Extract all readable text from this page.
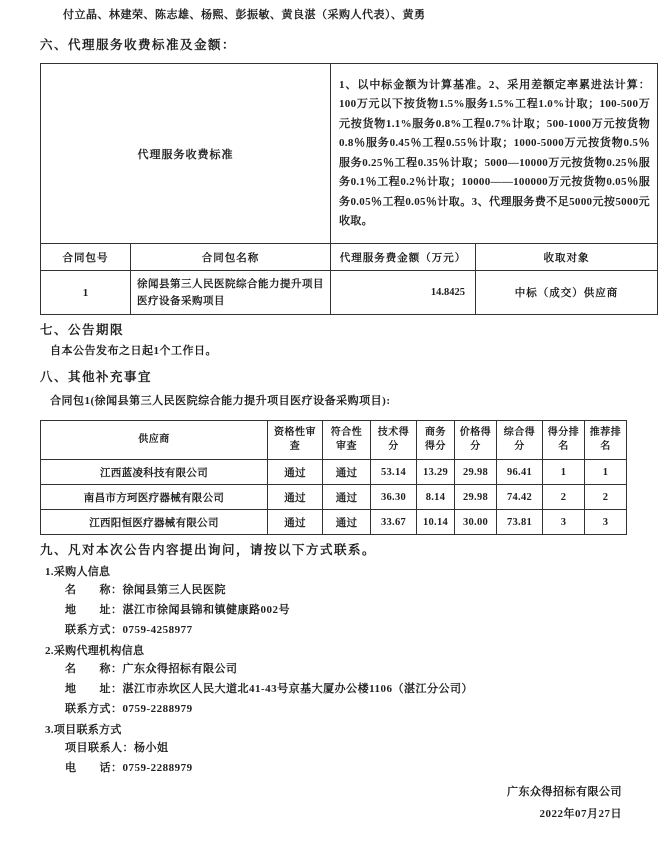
付立晶、林建荣、陈志雄、杨熙、彭振敏、黄良湛（采购人代表）、黄勇
六、代理服务收费标准及金额：
代理服务收费标准		1、以中标金额为计算基准。2、采用差额定率累进法计算：100万元以下按货物1.5%服务1.5%工程1.0%计取；100-500万元按货物1.1%服务0.8%工程0.7%计取；500-1000万元按货物0.8％服务0.45％工程0.55％计取；1000-5000万元按货物0.5％服务0.25％工程0.35％计取；5000—10000万元按货物0.25％服务0.1％工程0.2％计取；10000——100000万元按货物0.05％服务0.05％工程0.05％计取。3、代理服务费不足5000元按5000元收取。	
合同包号	合同包名称	代理服务费金额（万元）	收取对象
1	徐闻县第三人民医院综合能力提升项目医疗设备采购项目	14.8425	中标（成交）供应商
七、公告期限
自本公告发布之日起1个工作日。
八、其他补充事宜
合同包1(徐闻县第三人民医院综合能力提升项目医疗设备采购项目):
供应商	资格性审查	符合性审查	技术得分	商务得分	价格得分	综合得分	得分排名	推荐排名
江西蓝凌科技有限公司	通过	通过	53.14	13.29	29.98	96.41	1	1
南昌市方珂医疗器械有限公司	通过	通过	36.30	8.14	29.98	74.42	2	2
江西阳恒医疗器械有限公司	通过	通过	33.67	10.14	30.00	73.81	3	3
九、凡对本次公告内容提出询问，请按以下方式联系。
1.采购人信息
名　　称：徐闻县第三人民医院
地　　址：湛江市徐闻县锦和镇健康路002号
联系方式：0759-4258977
2.采购代理机构信息
名　　称：广东众得招标有限公司
地　　址：湛江市赤坎区人民大道北41-43号京基大厦办公楼1106（湛江分公司）
联系方式：0759-2288979
3.项目联系方式
项目联系人：杨小姐
电　　话：0759-2288979
广东众得招标有限公司
2022年07月27日
